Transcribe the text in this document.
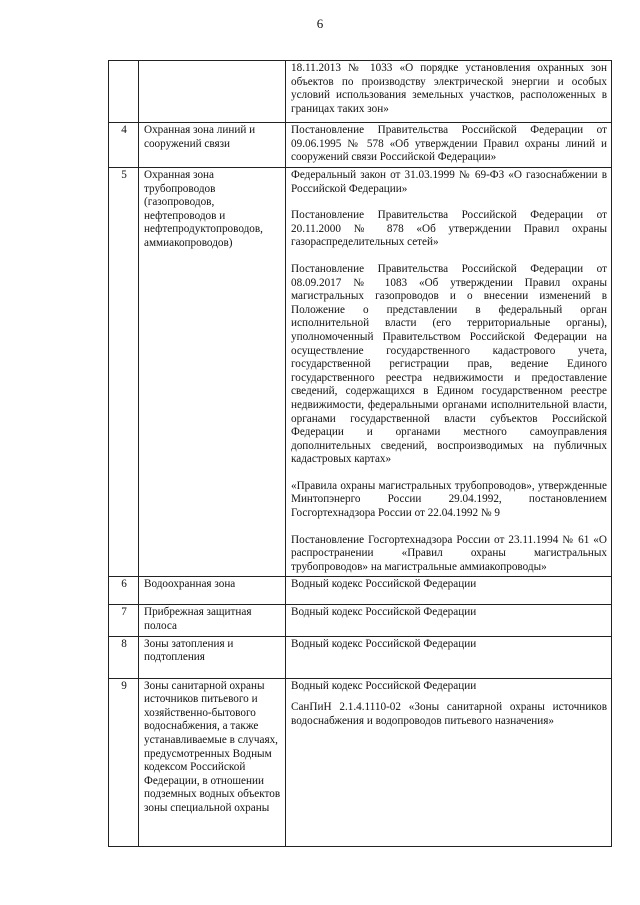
6

		18.11.2013 № 1033 «О порядке установления охранных зон объектов по производству электрической энергии и особых условий использования земельных участков, расположенных в границах таких зон»

4	Охранная зона линий и сооружений связи	Постановление Правительства Российской Федерации от 09.06.1995 № 578 «Об утверждении Правил охраны линий и сооружений связи Российской Федерации»

5	Охранная зона трубопроводов (газопроводов, нефтепроводов и нефтепродуктопроводов, аммиакопроводов)	Федеральный закон от 31.03.1999 № 69-ФЗ «О газоснабжении в Российской Федерации»

Постановление Правительства Российской Федерации от 20.11.2000 № 878 «Об утверждении Правил охраны газораспределительных сетей»

Постановление Правительства Российской Федерации от 08.09.2017 № 1083 «Об утверждении Правил охраны магистральных газопроводов и о внесении изменений в Положение о представлении в федеральный орган исполнительной власти (его территориальные органы), уполномоченный Правительством Российской Федерации на осуществление государственного кадастрового учета, государственной регистрации прав, ведение Единого государственного реестра недвижимости и предоставление сведений, содержащихся в Едином государственном реестре недвижимости, федеральными органами исполнительной власти, органами государственной власти субъектов Российской Федерации и органами местного самоуправления дополнительных сведений, воспроизводимых на публичных кадастровых картах»

«Правила охраны магистральных трубопроводов», утвержденные Минтопэнерго России 29.04.1992, постановлением Госгортехнадзора России от 22.04.1992 № 9

Постановление Госгортехнадзора России от 23.11.1994 № 61 «О распространении «Правил охраны магистральных трубопроводов» на магистральные аммиакопроводы»

6	Водоохранная зона	Водный кодекс Российской Федерации

7	Прибрежная защитная полоса	Водный кодекс Российской Федерации

8	Зоны затопления и подтопления	Водный кодекс Российской Федерации

9	Зоны санитарной охраны источников питьевого и хозяйственно-бытового водоснабжения, а также устанавливаемые в случаях, предусмотренных Водным кодексом Российской Федерации, в отношении подземных водных объектов зоны специальной охраны	Водный кодекс Российской Федерации

СанПиН 2.1.4.1110-02 «Зоны санитарной охраны источников водоснабжения и водопроводов питьевого назначения»
